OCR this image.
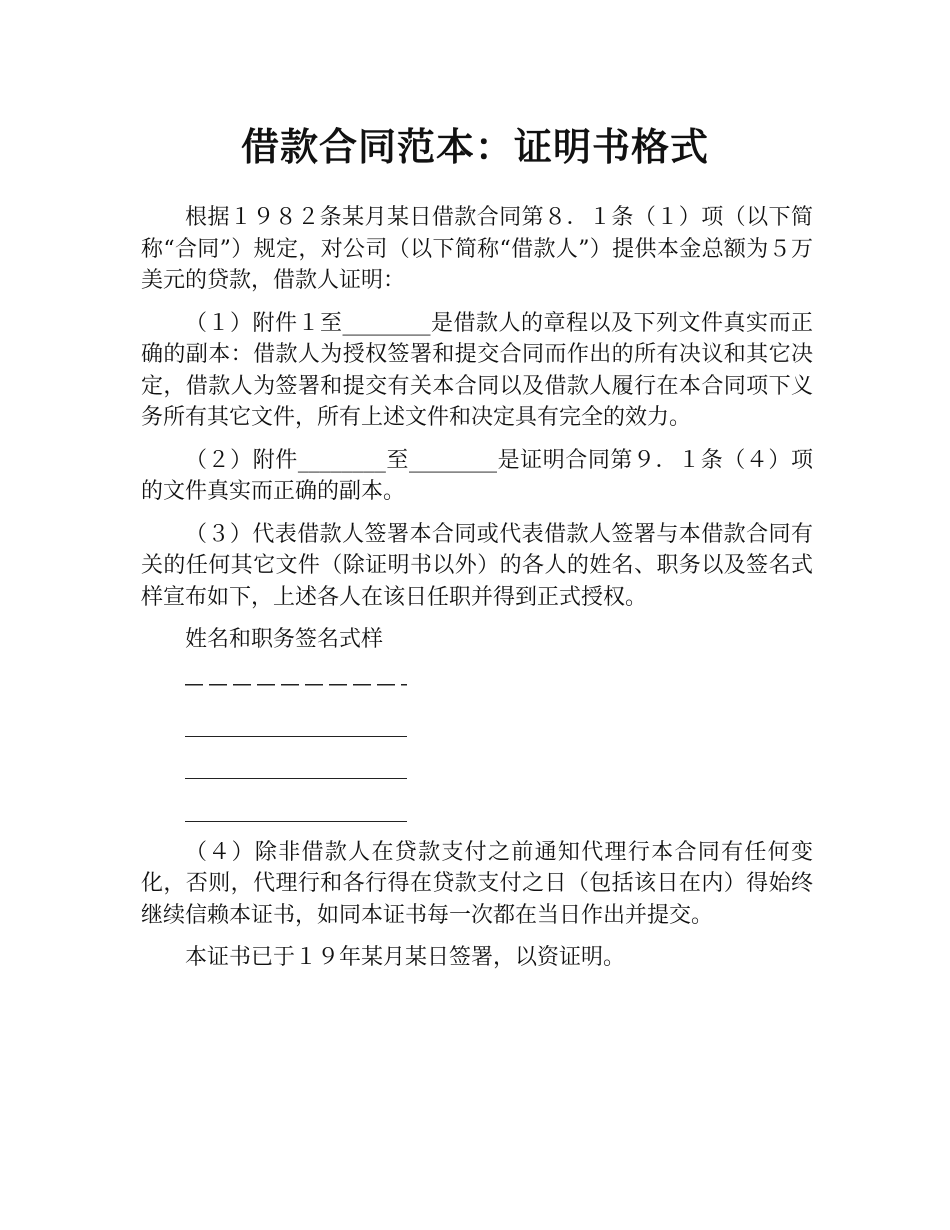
借款合同范本：证明书格式

根据１９８２条某月某日借款合同第８．１条（１）项（以下简称“合同”）规定，对公司（以下简称“借款人”）提供本金总额为５万美元的贷款，借款人证明：

（１）附件１至________是借款人的章程以及下列文件真实而正确的副本：借款人为授权签署和提交合同而作出的所有决议和其它决定，借款人为签署和提交有关本合同以及借款人履行在本合同项下义务所有其它文件，所有上述文件和决定具有完全的效力。

（２）附件________至________是证明合同第９．１条（４）项的文件真实而正确的副本。

（３）代表借款人签署本合同或代表借款人签署与本借款合同有关的任何其它文件（除证明书以外）的各人的姓名、职务以及签名式样宣布如下，上述各人在该日任职并得到正式授权。

姓名和职务签名式样

（４）除非借款人在贷款支付之前通知代理行本合同有任何变化，否则，代理行和各行得在贷款支付之日（包括该日在内）得始终继续信赖本证书，如同本证书每一次都在当日作出并提交。

本证书已于１９年某月某日签署，以资证明。
